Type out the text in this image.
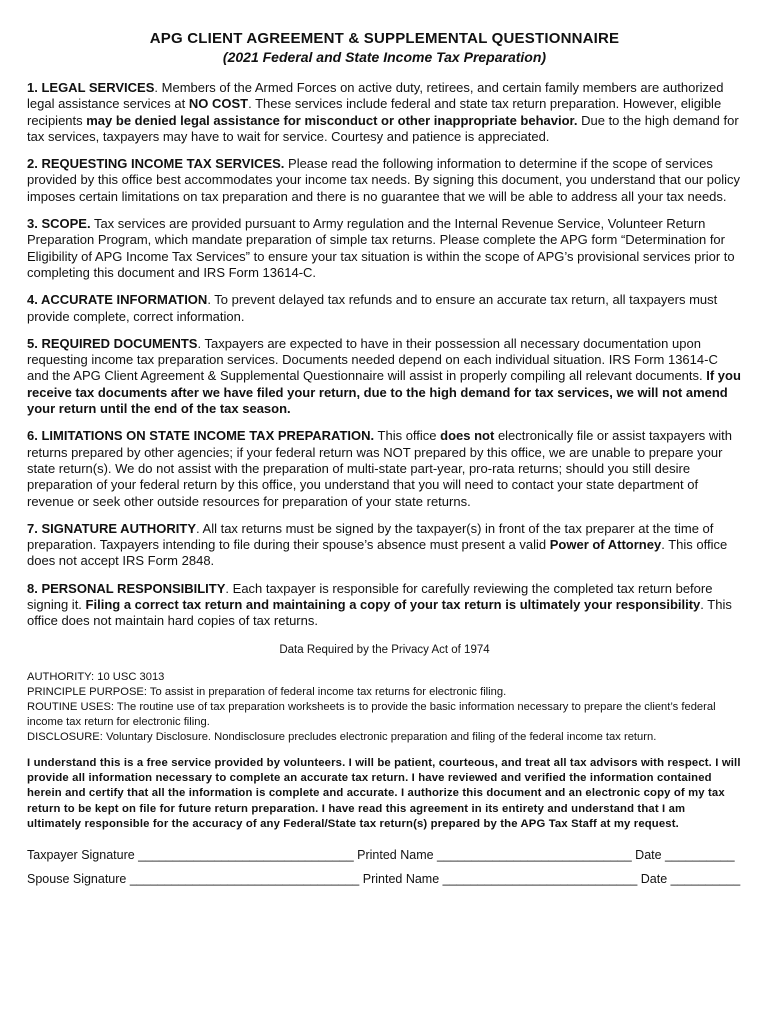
APG CLIENT AGREEMENT & SUPPLEMENTAL QUESTIONNAIRE

(2021 Federal and State Income Tax Preparation)

1. LEGAL SERVICES. Members of the Armed Forces on active duty, retirees, and certain family members are authorized legal assistance services at NO COST. These services include federal and state tax return preparation. However, eligible recipients may be denied legal assistance for misconduct or other inappropriate behavior. Due to the high demand for tax services, taxpayers may have to wait for service. Courtesy and patience is appreciated.

2. REQUESTING INCOME TAX SERVICES. Please read the following information to determine if the scope of services provided by this office best accommodates your income tax needs. By signing this document, you understand that our policy imposes certain limitations on tax preparation and there is no guarantee that we will be able to address all your tax needs.

3. SCOPE. Tax services are provided pursuant to Army regulation and the Internal Revenue Service, Volunteer Return Preparation Program, which mandate preparation of simple tax returns. Please complete the APG form “Determination for Eligibility of APG Income Tax Services” to ensure your tax situation is within the scope of APG’s provisional services prior to completing this document and IRS Form 13614-C.

4. ACCURATE INFORMATION. To prevent delayed tax refunds and to ensure an accurate tax return, all taxpayers must provide complete, correct information.

5. REQUIRED DOCUMENTS. Taxpayers are expected to have in their possession all necessary documentation upon requesting income tax preparation services. Documents needed depend on each individual situation. IRS Form 13614-C and the APG Client Agreement & Supplemental Questionnaire will assist in properly compiling all relevant documents. If you receive tax documents after we have filed your return, due to the high demand for tax services, we will not amend your return until the end of the tax season.

6. LIMITATIONS ON STATE INCOME TAX PREPARATION. This office does not electronically file or assist taxpayers with returns prepared by other agencies; if your federal return was NOT prepared by this office, we are unable to prepare your state return(s). We do not assist with the preparation of multi-state part-year, pro-rata returns; should you still desire preparation of your federal return by this office, you understand that you will need to contact your state department of revenue or seek other outside resources for preparation of your state returns.

7. SIGNATURE AUTHORITY. All tax returns must be signed by the taxpayer(s) in front of the tax preparer at the time of preparation. Taxpayers intending to file during their spouse’s absence must present a valid Power of Attorney. This office does not accept IRS Form 2848.

8. PERSONAL RESPONSIBILITY. Each taxpayer is responsible for carefully reviewing the completed tax return before signing it. Filing a correct tax return and maintaining a copy of your tax return is ultimately your responsibility. This office does not maintain hard copies of tax returns.

Data Required by the Privacy Act of 1974

AUTHORITY: 10 USC 3013

PRINCIPLE PURPOSE: To assist in preparation of federal income tax returns for electronic filing.

ROUTINE USES: The routine use of tax preparation worksheets is to provide the basic information necessary to prepare the client’s federal income tax return for electronic filing.

DISCLOSURE: Voluntary Disclosure. Nondisclosure precludes electronic preparation and filing of the federal income tax return.

I understand this is a free service provided by volunteers. I will be patient, courteous, and treat all tax advisors with respect. I will provide all information necessary to complete an accurate tax return. I have reviewed and verified the information contained herein and certify that all the information is complete and accurate. I authorize this document and an electronic copy of my tax return to be kept on file for future return preparation. I have read this agreement in its entirety and understand that I am ultimately responsible for the accuracy of any Federal/State tax return(s) prepared by the APG Tax Staff at my request.

Taxpayer Signature _______________________________ Printed Name ____________________________ Date __________

Spouse Signature _________________________________ Printed Name ____________________________ Date __________
